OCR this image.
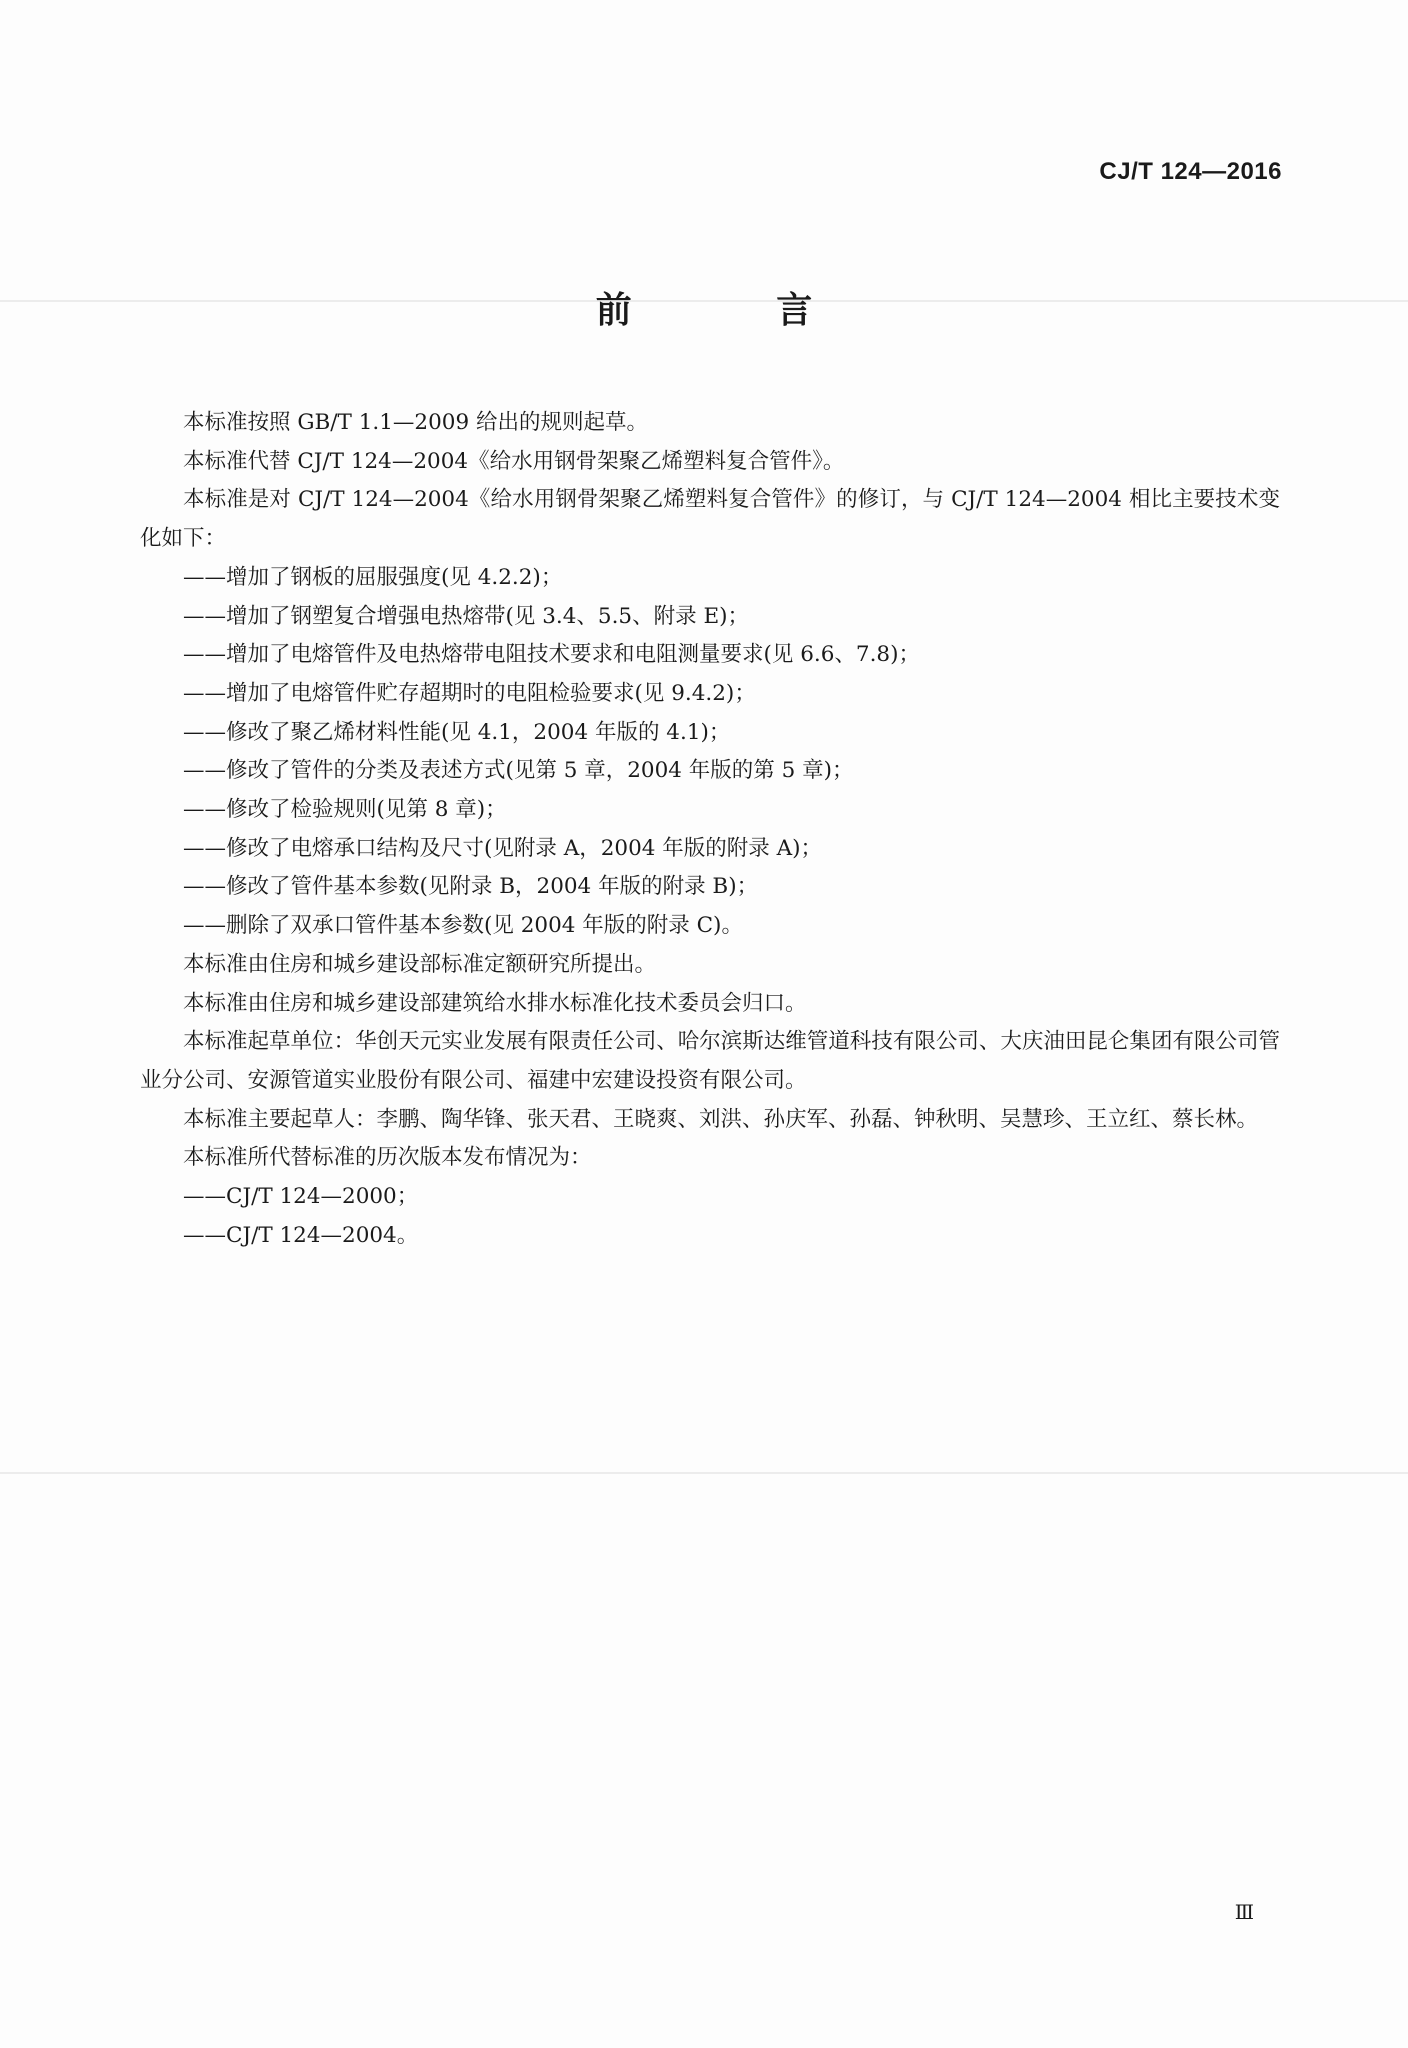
CJ/T 124—2016
前 言

本标准按照 GB/T 1.1—2009 给出的规则起草。

本标准代替 CJ/T 124—2004《给水用钢骨架聚乙烯塑料复合管件》。

本标准是对 CJ/T 124—2004《给水用钢骨架聚乙烯塑料复合管件》的修订，与 CJ/T 124—2004 相比主要技术变化如下：

——增加了钢板的屈服强度(见 4.2.2)；

——增加了钢塑复合增强电热熔带(见 3.4、5.5、附录 E)；

——增加了电熔管件及电热熔带电阻技术要求和电阻测量要求(见 6.6、7.8)；

——增加了电熔管件贮存超期时的电阻检验要求(见 9.4.2)；

——修改了聚乙烯材料性能(见 4.1，2004 年版的 4.1)；

——修改了管件的分类及表述方式(见第 5 章，2004 年版的第 5 章)；

——修改了检验规则(见第 8 章)；

——修改了电熔承口结构及尺寸(见附录 A，2004 年版的附录 A)；

——修改了管件基本参数(见附录 B，2004 年版的附录 B)；

——删除了双承口管件基本参数(见 2004 年版的附录 C)。

本标准由住房和城乡建设部标准定额研究所提出。

本标准由住房和城乡建设部建筑给水排水标准化技术委员会归口。

本标准起草单位：华创天元实业发展有限责任公司、哈尔滨斯达维管道科技有限公司、大庆油田昆仑集团有限公司管业分公司、安源管道实业股份有限公司、福建中宏建设投资有限公司。

本标准主要起草人：李鹏、陶华锋、张天君、王晓爽、刘洪、孙庆军、孙磊、钟秋明、吴慧珍、王立红、蔡长林。

本标准所代替标准的历次版本发布情况为：

——CJ/T 124—2000；

——CJ/T 124—2004。

Ⅲ
